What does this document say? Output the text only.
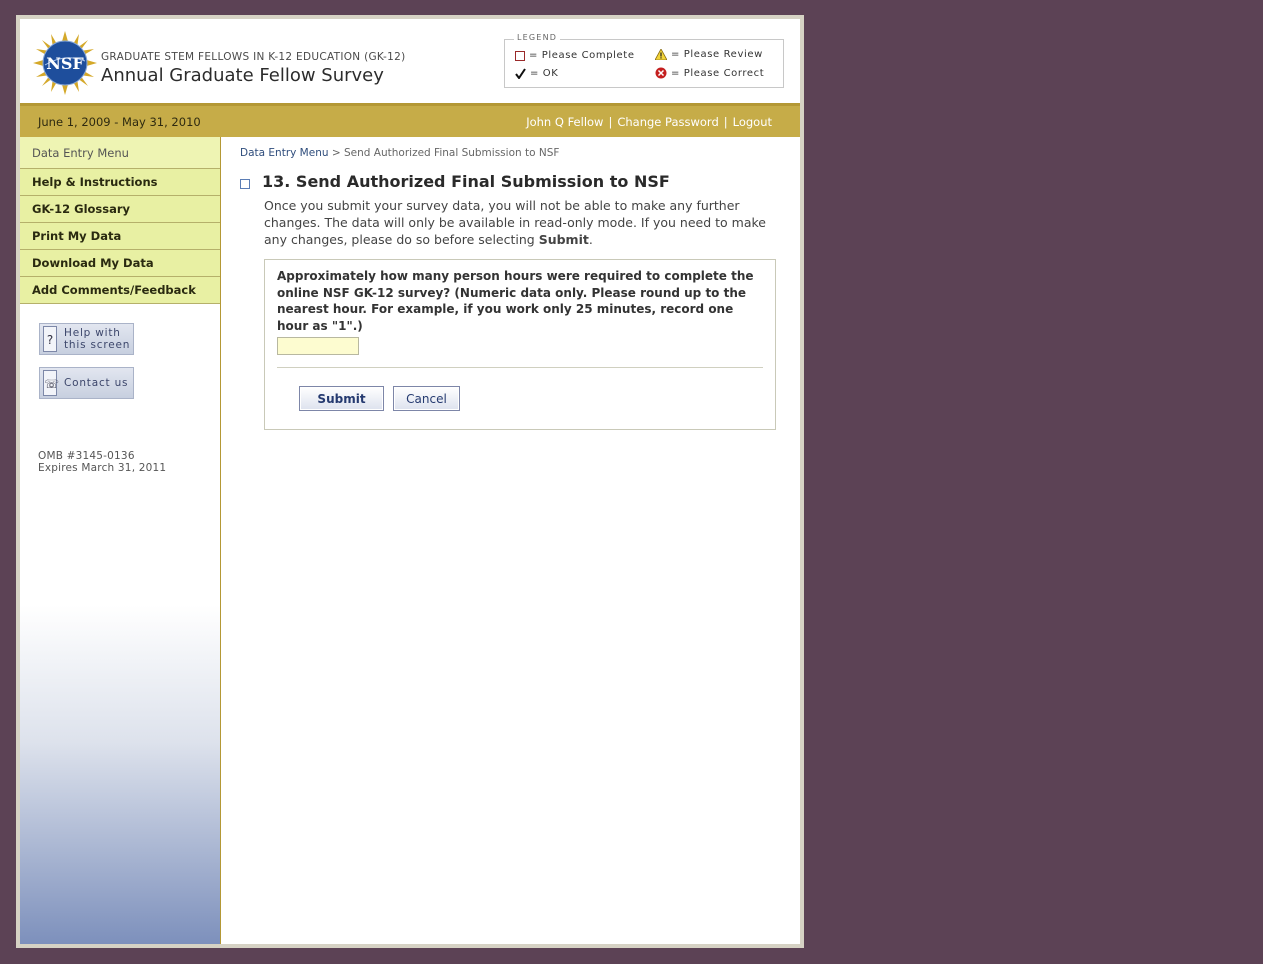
NSF GRADUATE STEM FELLOWS IN K-12 EDUCATION (GK-12)
Annual Graduate Fellow Survey
LEGEND
= Please Complete	= Please Review
= OK	= Please Correct
June 1, 2009 - May 31, 2010	John Q Fellow | Change Password | Logout
Data Entry Menu
Help & Instructions
GK-12 Glossary
Print My Data
Download My Data
Add Comments/Feedback
?	Help with
this screen
☏ Contact us
OMB #3145-0136
Expires March 31, 2011
Data Entry Menu > Send Authorized Final Submission to NSF
13. Send Authorized Final Submission to NSF
Once you submit your survey data, you will not be able to make any further changes. The data will only be available in read-only mode. If you need to make any changes, please do so before selecting Submit.
Approximately how many person hours were required to complete the online NSF GK-12 survey? (Numeric data only. Please round up to the nearest hour. For example, if you work only 25 minutes, record one hour as "1".)
Submit	Cancel
